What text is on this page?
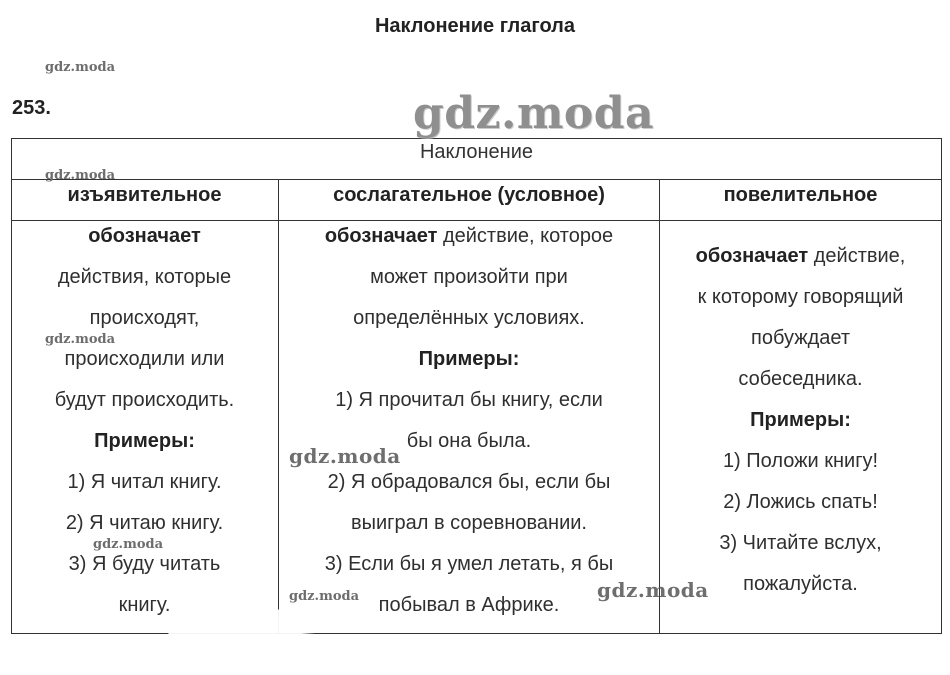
Наклонение глагола
253.
Наклонение
изъявительное	сослагательное (условное)	повелительное
обозначает
действия, которые
происходят,
происходили или
будут происходить.
Примеры:
1) Я читал книгу.
2) Я читаю книгу.
3) Я буду читать
книгу.
обозначает действие, которое
может произойти при
определённых условиях.
Примеры:
1) Я прочитал бы книгу, если
бы она была.
2) Я обрадовался бы, если бы
выиграл в соревновании.
3) Если бы я умел летать, я бы
побывал в Африке.
обозначает действие,
к которому говорящий
побуждает
собеседника.
Примеры:
1) Положи книгу!
2) Ложись спать!
3) Читайте вслух,
пожалуйста.
gdz.moda
gdz.moda
gdz.moda
gdz.moda
gdz.moda
gdz.moda
gdz.moda
gdz.moda
